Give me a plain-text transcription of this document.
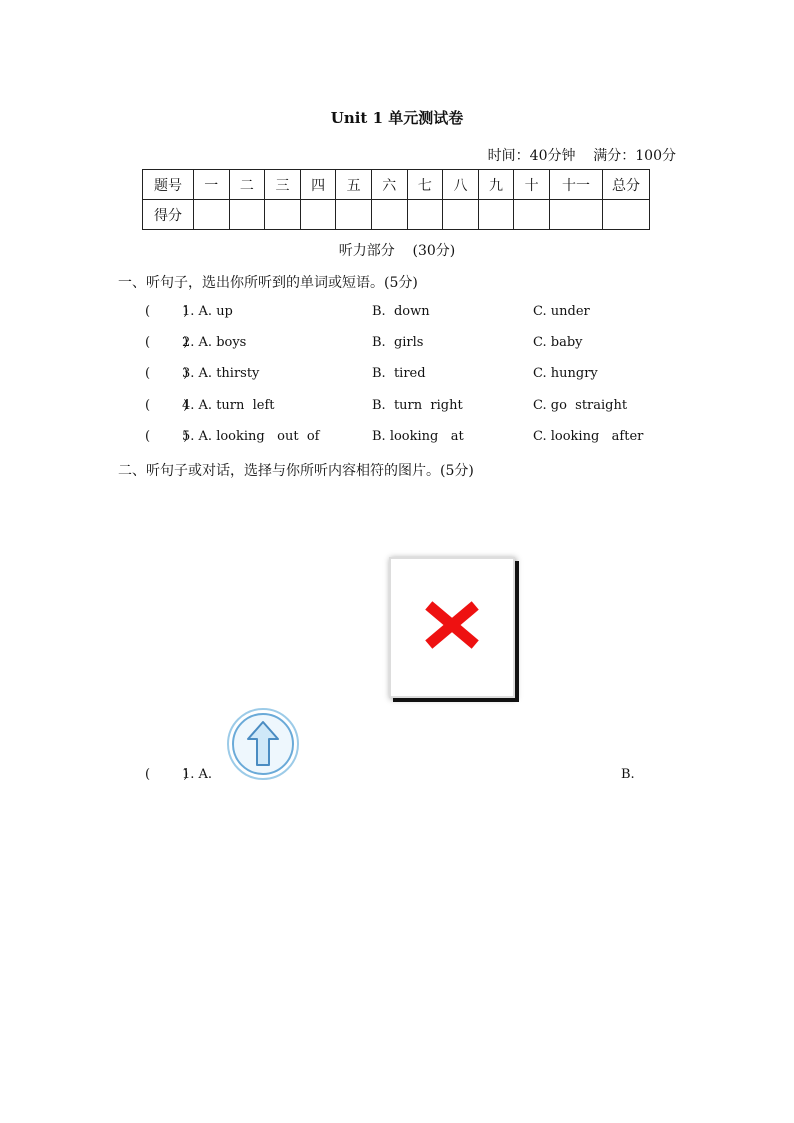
Unit 1 单元测试卷
时间：40分钟    满分：100分
题号	一	二	三	四	五	六	七	八	九	十	十一	总分
得分												
听力部分    (30分)
一、听句子，选出你所听到的单词或短语。(5分)
(        )
1. A. up	B.  down	C. under
(        )
2. A. boys	B.  girls	C. baby
(        )
3. A. thirsty	B.  tired	C. hungry
(        )
4. A. turn  left	B.  turn  right	C. go  straight
(        )
5. A. looking   out  of	B. looking   at	C. looking   after
二、听句子或对话，选择与你所听内容相符的图片。(5分)
(        )
1. A.	B.
